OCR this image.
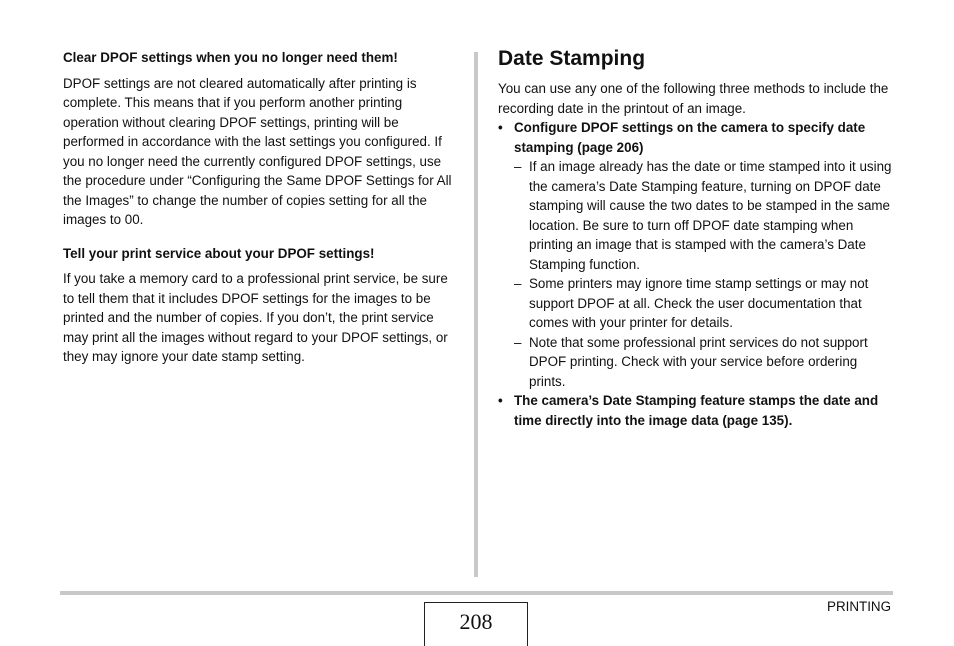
Clear DPOF settings when you no longer need them!

DPOF settings are not cleared automatically after printing is complete. This means that if you perform another printing operation without clearing DPOF settings, printing will be performed in accordance with the last settings you configured. If you no longer need the currently configured DPOF settings, use the procedure under “Configuring the Same DPOF Settings for All the Images” to change the number of copies setting for all the images to 00.

Tell your print service about your DPOF settings!

If you take a memory card to a professional print service, be sure to tell them that it includes DPOF settings for the images to be printed and the number of copies. If you don’t, the print service may print all the images without regard to your DPOF settings, or they may ignore your date stamp setting.

Date Stamping

You can use any one of the following three methods to include the recording date in the printout of an image.

• Configure DPOF settings on the camera to specify date stamping (page 206)
– If an image already has the date or time stamped into it using the camera’s Date Stamping feature, turning on DPOF date stamping will cause the two dates to be stamped in the same location. Be sure to turn off DPOF date stamping when printing an image that is stamped with the camera’s Date Stamping function.
– Some printers may ignore time stamp settings or may not support DPOF at all. Check the user documentation that comes with your printer for details.
– Note that some professional print services do not support DPOF printing. Check with your service before ordering prints.
• The camera’s Date Stamping feature stamps the date and time directly into the image data (page 135).
PRINTING
208
